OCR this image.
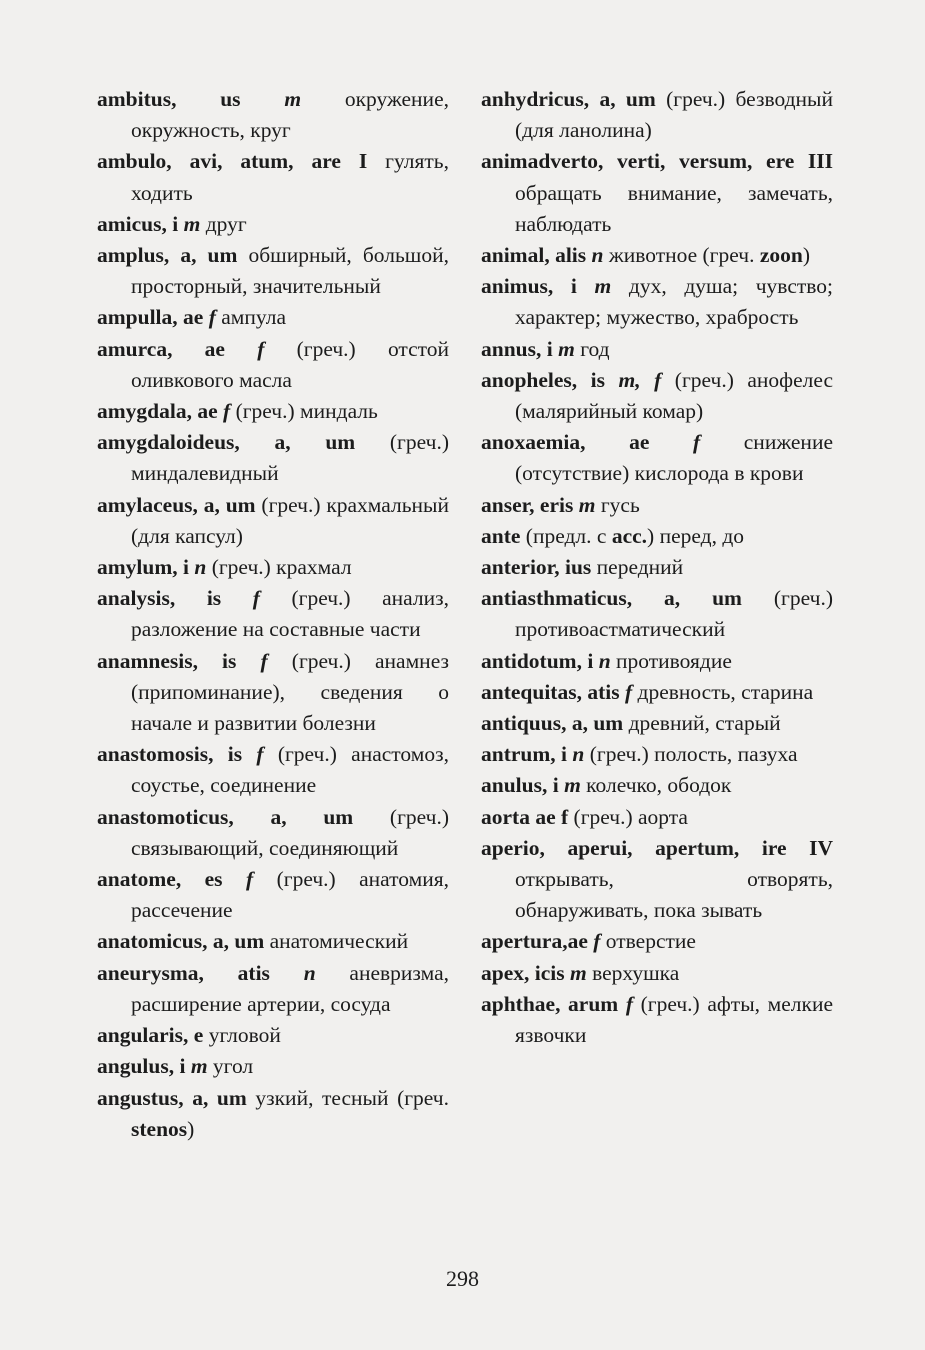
ambitus, us m окружение, окружность, круг

ambulo, avi, atum, are I гулять, ходить

amicus, i m друг

amplus, a, um обширный, большой, просторный, значительный

ampulla, ae f ампула

amurca, ae f (греч.) отстой оливкового масла

amygdala, ae f (греч.) миндаль

amygdaloideus, a, um (греч.) миндалевидный

amylaceus, a, um (греч.) крахмальный (для капсул)

amylum, i n (греч.) крахмал

analysis, is f (греч.) анализ, разложение на составные части

anamnesis, is f (греч.) анамнез (припоминание), сведения о начале и развитии болезни

anastomosis, is f (греч.) анастомоз, соустье, соединение

anastomoticus, a, um (греч.) связывающий, соединяющий

anatome, es f (греч.) анатомия, рассечение

anatomicus, a, um анатомический

aneurysma, atis n аневризма, расширение артерии, сосуда

angularis, e угловой

angulus, i m угол

angustus, a, um узкий, тесный (греч. stenos)

anhydricus, a, um (греч.) безводный (для ланолина)

animadverto, verti, versum, ere III обращать внимание, замечать, наблюдать

animal, alis n животное (греч. zoon)

animus, i m дух, душа; чувство; характер; мужество, храбрость

annus, i m год

anopheles, is m, f (греч.) анофелес (малярийный комар)

anoxaemia, ae f снижение (отсутствие) кислорода в крови

anser, eris m гусь

ante (предл. с acc.) перед, до

anterior, ius передний

antiasthmaticus, a, um (греч.) противоастматический

antidotum, i n противоядие

antequitas, atis f древность, старина

antiquus, a, um древний, старый

antrum, i n (греч.) полость, пазуха

anulus, i m колечко, ободок

aorta ae f (греч.) аорта

aperio, aperui, apertum, ire IV открывать, отворять, обнаруживать, пока зывать

apertura,ae f отверстие

apex, icis m верхушка

aphthae, arum f (греч.) афты, мелкие язвочки

298
